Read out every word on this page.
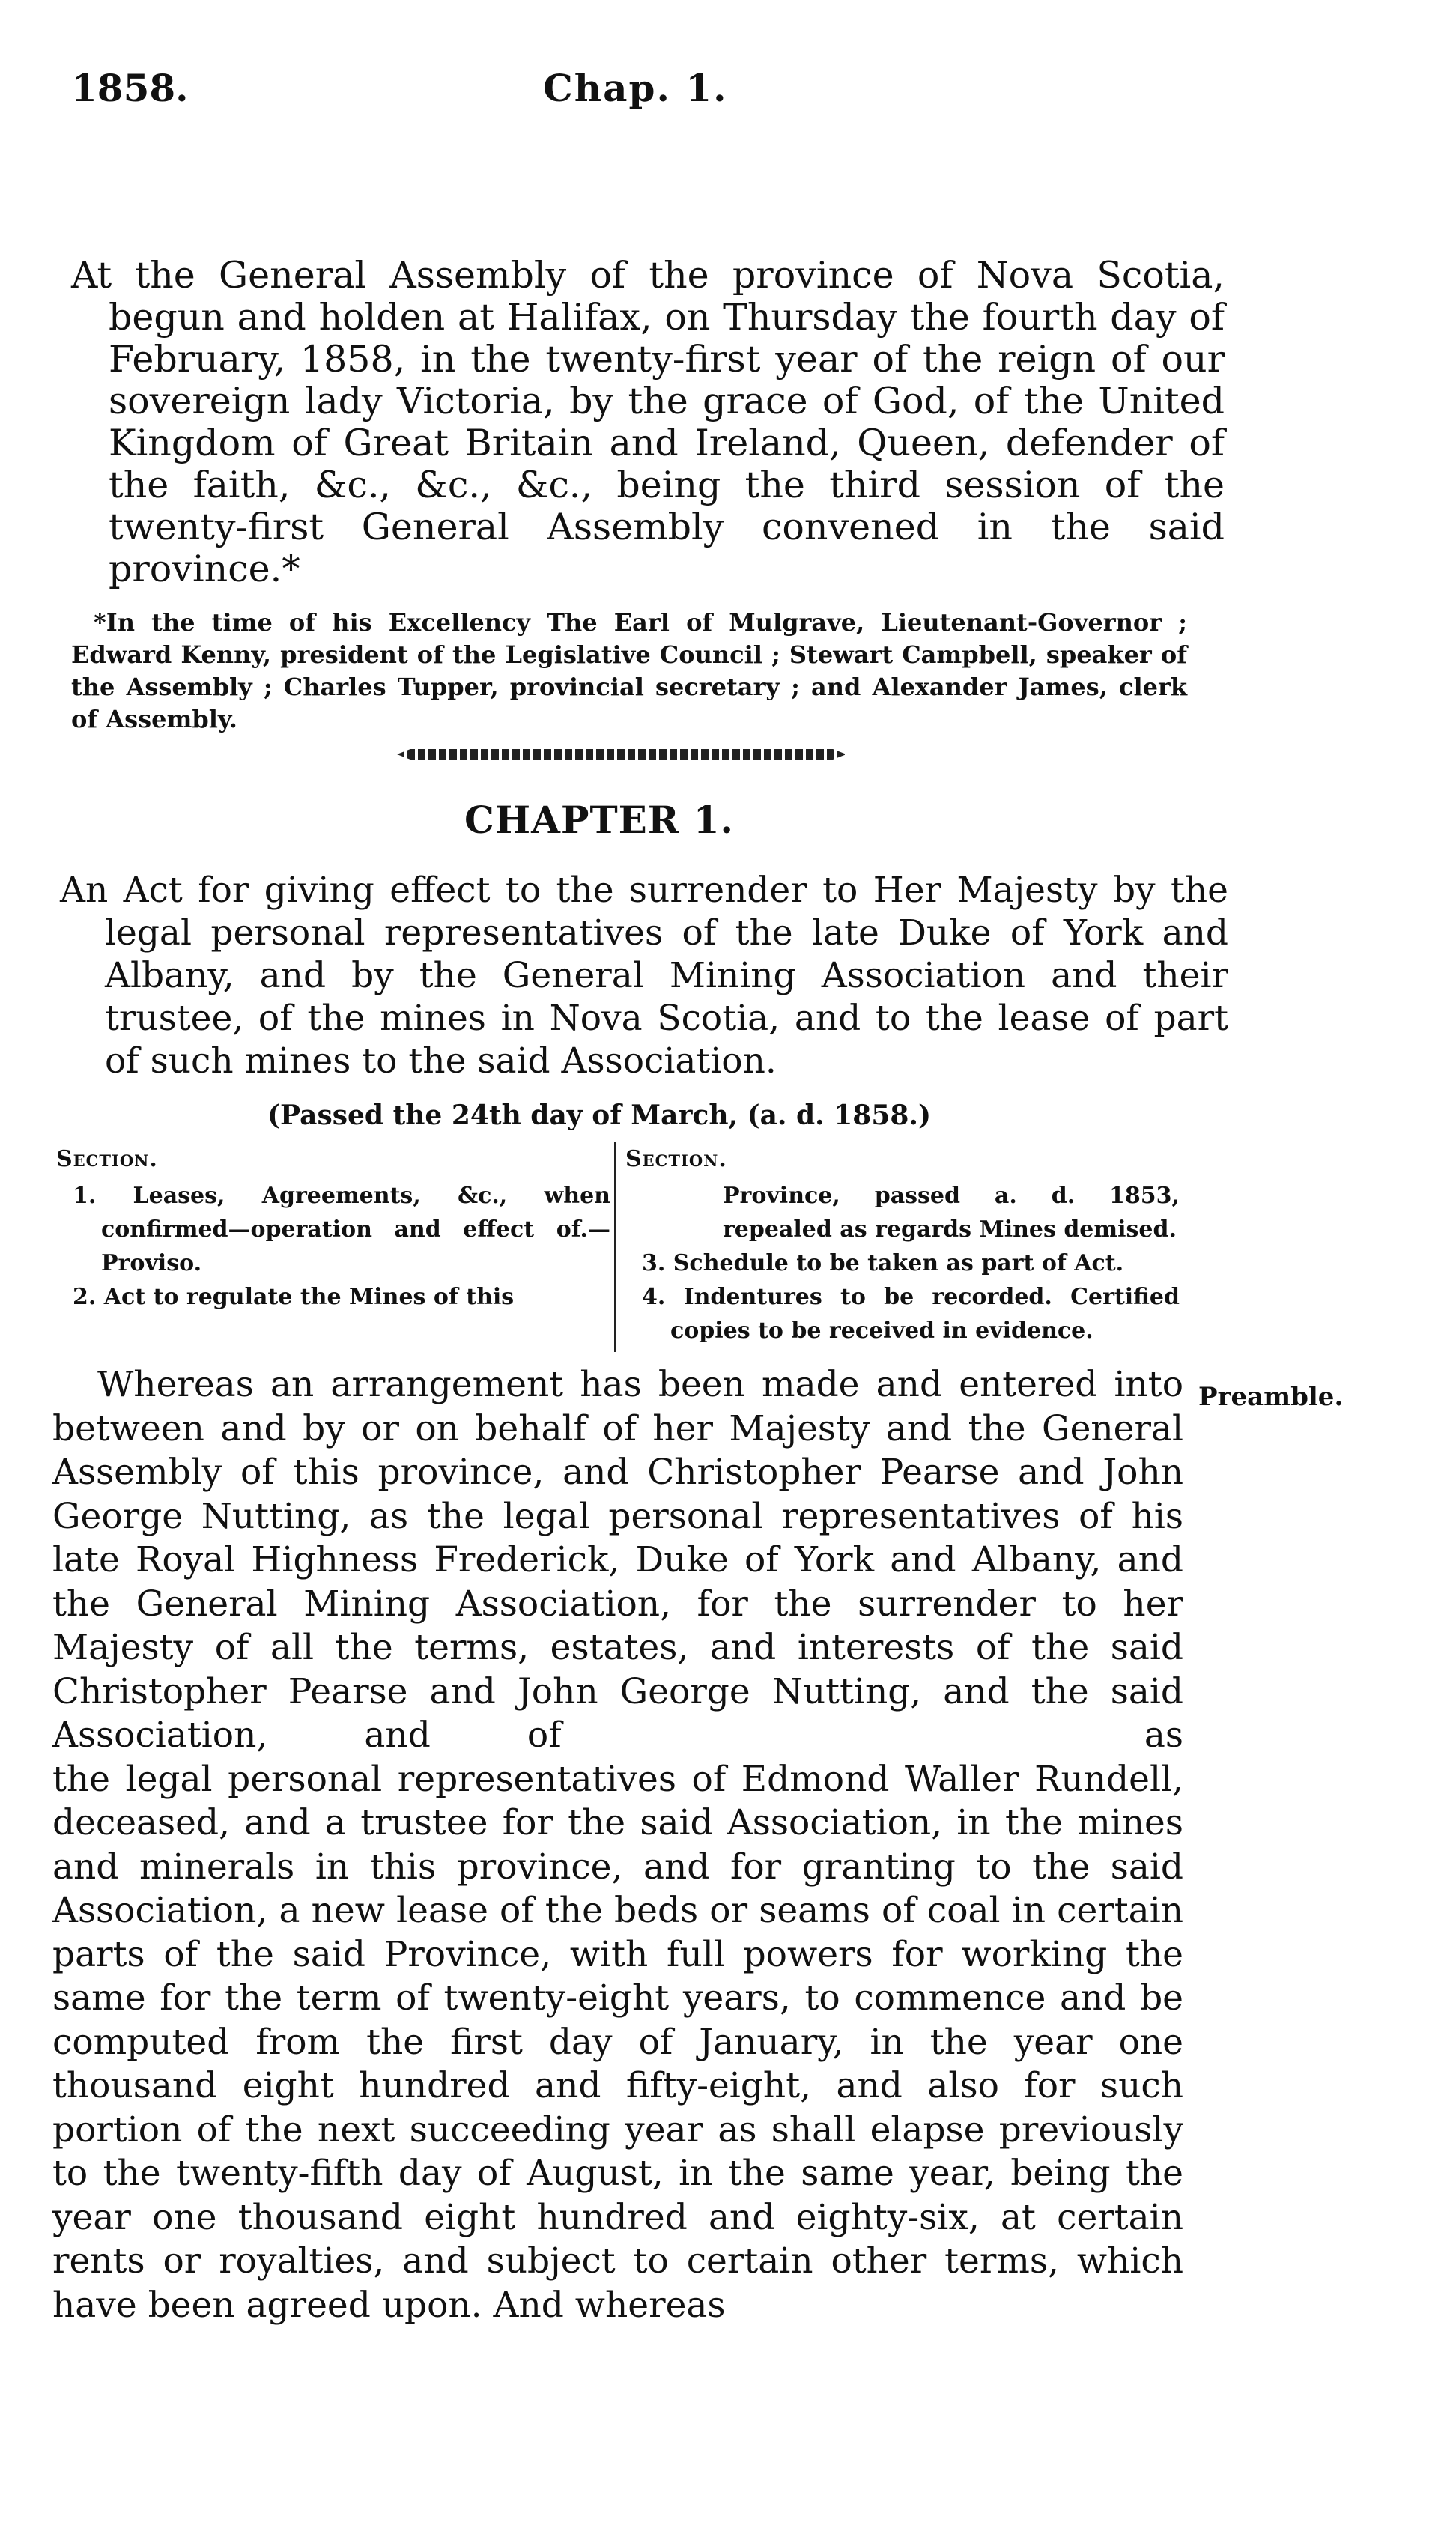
1858.	Chap. 1.
At the General Assembly of the province of Nova Scotia, begun and holden at Halifax, on Thursday the fourth day of February, 1858, in the twenty-first year of the reign of our sovereign lady Victoria, by the grace of God, of the United Kingdom of Great Britain and Ireland, Queen, defender of the faith, &c., &c., &c., being the third session of the twenty-first General Assembly convened in the said province.*
*In the time of his Excellency The Earl of Mulgrave, Lieutenant-Governor ; Edward Kenny, president of the Legislative Council ; Stewart Campbell, speaker of the Assembly ; Charles Tupper, provincial secretary ; and Alexander James, clerk of Assembly.
CHAPTER 1.
An Act for giving effect to the surrender to Her Majesty by the legal personal representatives of the late Duke of York and Albany, and by the General Mining Association and their trustee, of the mines in Nova Scotia, and to the lease of part of such mines to the said Association.
(Passed the 24th day of March, (a. d. 1858.)
Section.
1. Leases, Agreements, &c., when confirmed—operation and effect of.—Proviso.
2. Act to regulate the Mines of this
Section.
Province, passed a. d. 1853, repealed as regards Mines demised.
3. Schedule to be taken as part of Act.
4. Indentures to be recorded. Certified copies to be received in evidence.
Preamble.

Whereas an arrangement has been made and entered into between and by or on behalf of her Majesty and the General Assembly of this province, and Christopher Pearse and John George Nutting, as the legal personal representatives of his late Royal Highness Frederick, Duke of York and Albany, and the General Mining Association, for the surrender to her Majesty of all the terms, estates, and interests of the said Christopher Pearse and John George Nutting, and the said Association, and of	as

the legal personal representatives of Edmond Waller Rundell, deceased, and a trustee for the said Association, in the mines and minerals in this province, and for granting to the said Association, a new lease of the beds or seams of coal in certain parts of the said Province, with full powers for working the same for the term of twenty-eight years, to commence and be computed from the first day of January, in the year one thousand eight hundred and fifty-eight, and also for such portion of the next succeeding year as shall elapse previously to the twenty-fifth day of August, in the same year, being the year one thousand eight hundred and eighty-six, at certain rents or royalties, and subject to certain other terms, which have been agreed upon. And whereas
